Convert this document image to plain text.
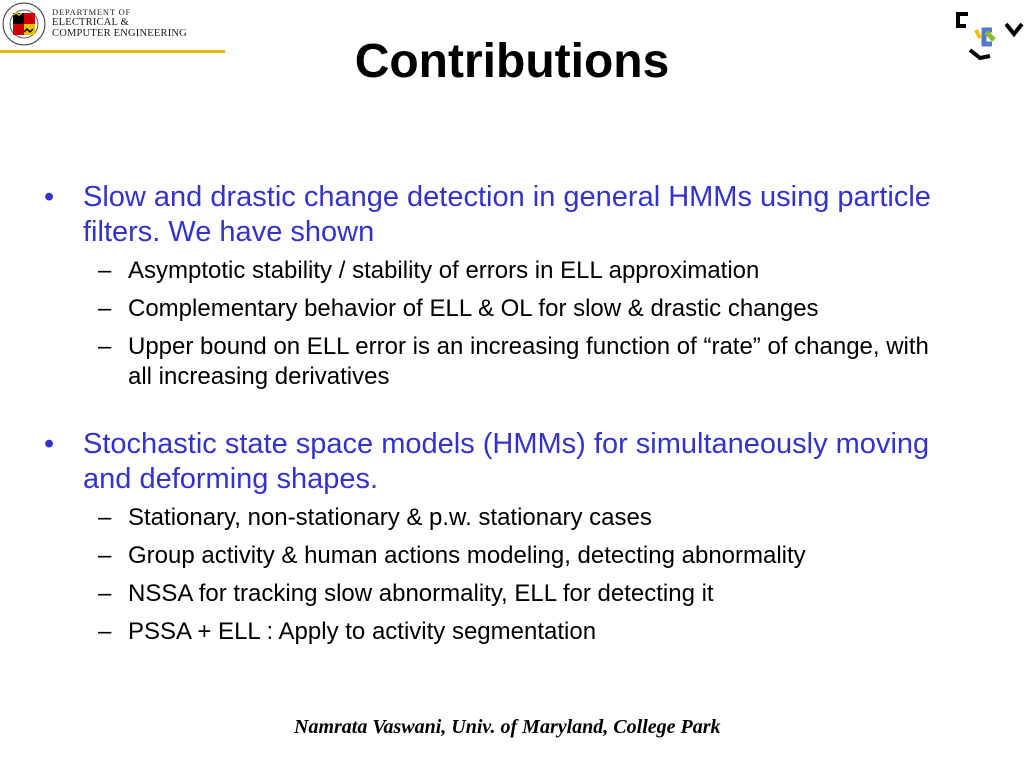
DEPARTMENT OF
ELECTRICAL &
COMPUTER ENGINEERING
Contributions
• Slow and drastic change detection in general HMMs using particle filters. We have shown
– Asymptotic stability / stability of errors in ELL approximation
– Complementary behavior of ELL & OL for slow & drastic changes
– Upper bound on ELL error is an increasing function of “rate” of change, with all increasing derivatives
• Stochastic state space models (HMMs) for simultaneously moving and deforming shapes.
– Stationary, non-stationary & p.w. stationary cases
– Group activity & human actions modeling, detecting abnormality
– NSSA for tracking slow abnormality, ELL for detecting it
– PSSA + ELL : Apply to activity segmentation
Namrata Vaswani, Univ. of Maryland, College Park
